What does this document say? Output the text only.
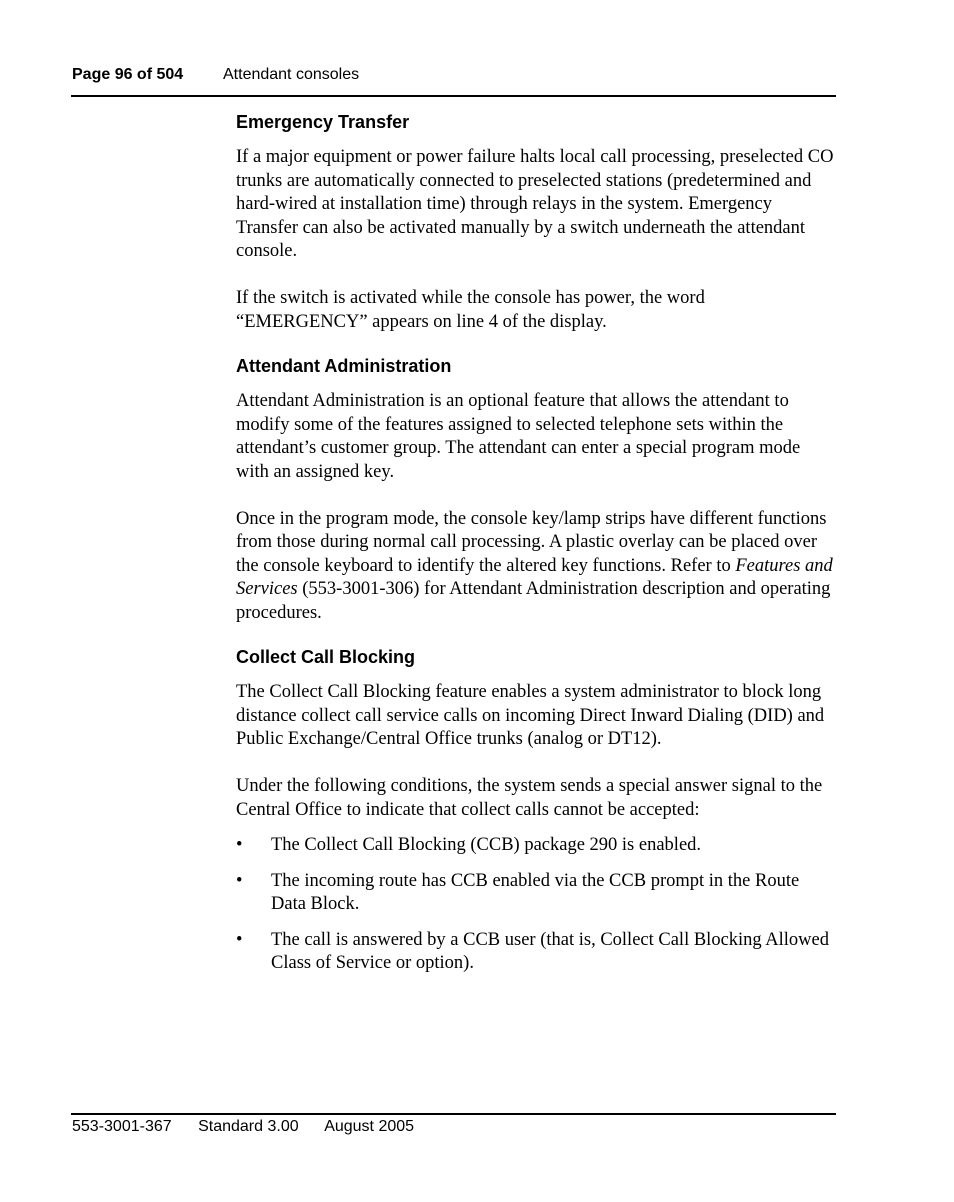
Page 96 of 504 Attendant consoles
Emergency Transfer

If a major equipment or power failure halts local call processing, preselected CO trunks are automatically connected to preselected stations (predetermined and hard-wired at installation time) through relays in the system. Emergency Transfer can also be activated manually by a switch underneath the attendant console.

If the switch is activated while the console has power, the word “EMERGENCY” appears on line 4 of the display.

Attendant Administration

Attendant Administration is an optional feature that allows the attendant to modify some of the features assigned to selected telephone sets within the attendant’s customer group. The attendant can enter a special program mode with an assigned key.

Once in the program mode, the console key/lamp strips have different functions from those during normal call processing. A plastic overlay can be placed over the console keyboard to identify the altered key functions. Refer to Features and Services (553-3001-306) for Attendant Administration description and operating procedures.

Collect Call Blocking

The Collect Call Blocking feature enables a system administrator to block long distance collect call service calls on incoming Direct Inward Dialing (DID) and Public Exchange/Central Office trunks (analog or DT12).

Under the following conditions, the system sends a special answer signal to the Central Office to indicate that collect calls cannot be accepted:

• The Collect Call Blocking (CCB) package 290 is enabled.
• The incoming route has CCB enabled via the CCB prompt in the Route Data Block.
• The call is answered by a CCB user (that is, Collect Call Blocking Allowed Class of Service or option).
553-3001-367 Standard 3.00 August 2005
